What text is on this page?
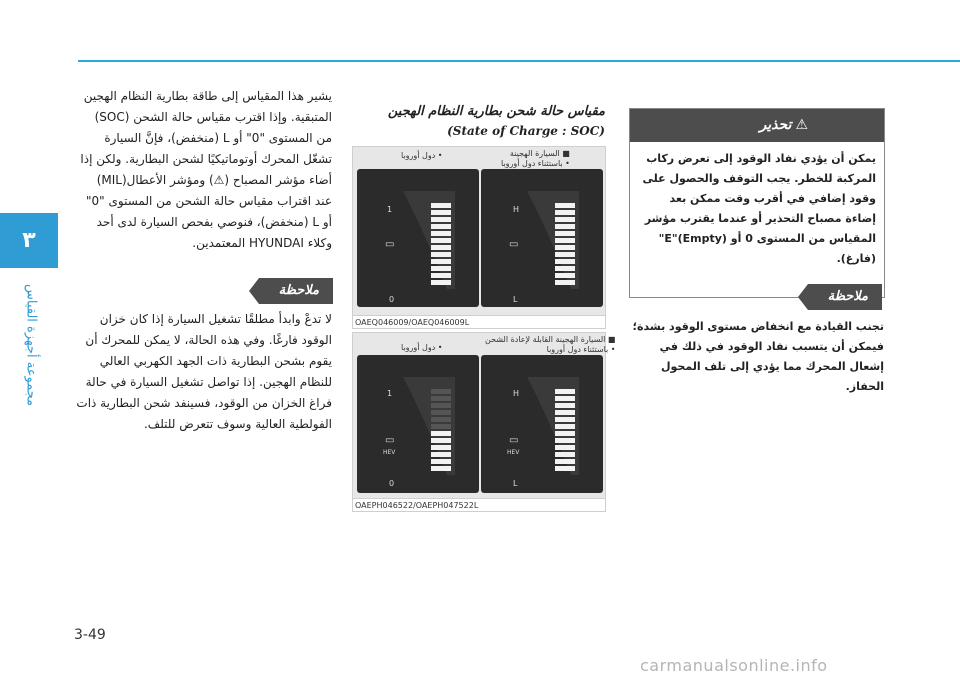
٣
مجموعة أجهزة القياس
3-49
يشير هذا المقياس إلى طاقة بطارية النظام الهجين المتبقية. وإذا اقترب مقياس حالة الشحن (SOC) من المستوى "0" أو L (منخفض)، فإنَّ السيارة تشغّل المحرك أوتوماتيكيًا لشحن البطارية. ولكن إذا أضاء مؤشر المصباح (⚠) ومؤشر الأعطال(MIL) عند اقتراب مقياس حالة الشحن من المستوى "0" أو L (منخفض)، فنوصي بفحص السيارة لدى أحد وكلاء HYUNDAI المعتمدين.
ملاحظة
لا تدعْ وابدأ مطلقًا تشغيل السيارة إذا كان خزان الوقود فارغًا. وفي هذه الحالة، لا يمكن للمحرك أن يقوم بشحن البطارية ذات الجهد الكهربي العالي للنظام الهجين. إذا تواصل تشغيل السيارة في حالة فراغ الخزان من الوقود، فسينفد شحن البطارية ذات الفولطية العالية وسوف تتعرض للتلف.
مقياس حالة شحن بطارية النظام الهجين
(State of Charge : SOC)
• دول أوروبا	■ السيارة الهجينة
• باستثناء دول أوروبا
1
0
▭
H
L
▭
OAEQ046009/OAEQ046009L
• دول أوروبا
■ السيارة الهجينة القابلة لإعادة الشحن
• باستثناء دول أوروبا
1
0
HEV
▭
H
L
HEV
▭
OAEPH046522/OAEPH047522L
⚠تحذير
يمكن أن يؤدي نفاد الوقود إلى تعرض ركاب المركبة للخطر. يجب التوقف والحصول على وقود إضافي في أقرب وقت ممكن بعد إضاءة مصباح التحذير أو عندما يقترب مؤشر المقياس من المستوى 0 أو E"(Empty)" (فارغ).
ملاحظة
تجنب القيادة مع انخفاض مستوى الوقود بشدة؛ فيمكن أن يتسبب نفاد الوقود في ذلك في إشعال المحرك مما يؤدي إلى تلف المحول الحفاز.
carmanualsonline.info
